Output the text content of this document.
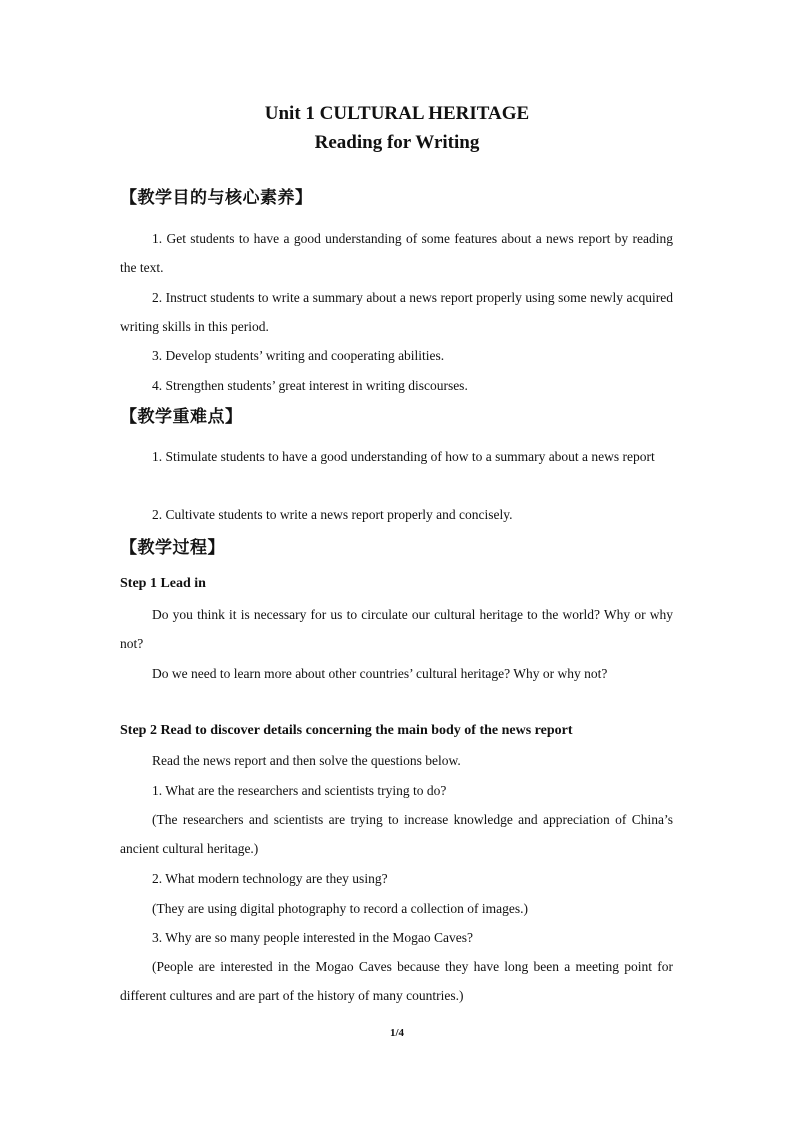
Unit 1 CULTURAL HERITAGE
Reading for Writing
【教学目的与核心素养】
1. Get students to have a good understanding of some features about a news report by reading the text.
2. Instruct students to write a summary about a news report properly using some newly acquired writing skills in this period.
3. Develop students’ writing and cooperating abilities.
4. Strengthen students’ great interest in writing discourses.
【教学重难点】
1. Stimulate students to have a good understanding of how to a summary about a news report
2. Cultivate students to write a news report properly and concisely.
【教学过程】
Step 1 Lead in
Do you think it is necessary for us to circulate our cultural heritage to the world? Why or why not?
Do we need to learn more about other countries’ cultural heritage? Why or why not?
Step 2 Read to discover details concerning the main body of the news report
Read the news report and then solve the questions below.
1. What are the researchers and scientists trying to do?
(The researchers and scientists are trying to increase knowledge and appreciation of China’s ancient cultural heritage.)
2. What modern technology are they using?
(They are using digital photography to record a collection of images.)
3. Why are so many people interested in the Mogao Caves?
(People are interested in the Mogao Caves because they have long been a meeting point for different cultures and are part of the history of many countries.)
1/4
